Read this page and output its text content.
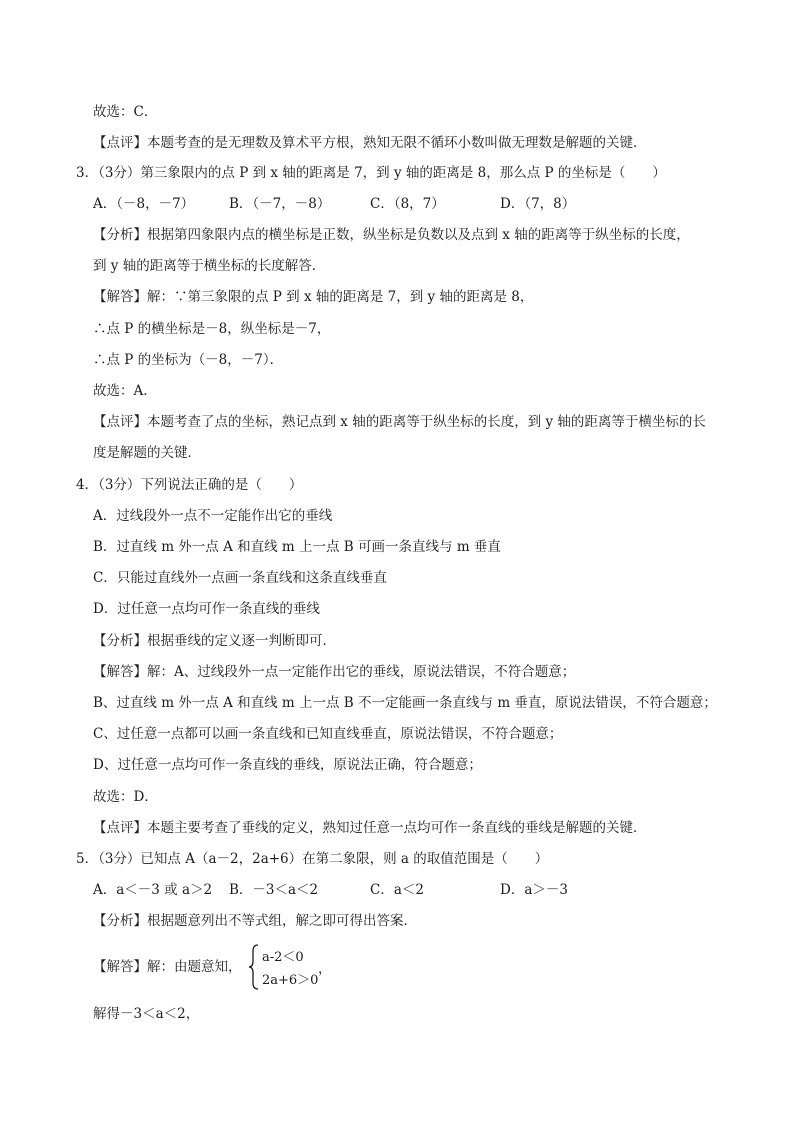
故选：C．
【点评】本题考查的是无理数及算术平方根，熟知无限不循环小数叫做无理数是解题的关键．
3．（3分）第三象限内的点 P 到 x 轴的距离是 7，到 y 轴的距离是 8，那么点 P 的坐标是（　　）
A．（－8，－7）	B．（－7，－8）	C．（8，7）	D．（7，8）
【分析】根据第四象限内点的横坐标是正数，纵坐标是负数以及点到 x 轴的距离等于纵坐标的长度，
到 y 轴的距离等于横坐标的长度解答．
【解答】解：∵第三象限的点 P 到 x 轴的距离是 7，到 y 轴的距离是 8，
∴点 P 的横坐标是－8，纵坐标是－7，
∴点 P 的坐标为（－8，－7）．
故选：A．
【点评】本题考查了点的坐标，熟记点到 x 轴的距离等于纵坐标的长度，到 y 轴的距离等于横坐标的长
度是解题的关键．
4．（3分）下列说法正确的是（　　）
A．过线段外一点不一定能作出它的垂线
B．过直线 m 外一点 A 和直线 m 上一点 B 可画一条直线与 m 垂直
C．只能过直线外一点画一条直线和这条直线垂直
D．过任意一点均可作一条直线的垂线
【分析】根据垂线的定义逐一判断即可．
【解答】解：A、过线段外一点一定能作出它的垂线，原说法错误，不符合题意；
B、过直线 m 外一点 A 和直线 m 上一点 B 不一定能画一条直线与 m 垂直，原说法错误，不符合题意；
C、过任意一点都可以画一条直线和已知直线垂直，原说法错误，不符合题意；
D、过任意一点均可作一条直线的垂线，原说法正确，符合题意；
故选：D．
【点评】本题主要考查了垂线的定义，熟知过任意一点均可作一条直线的垂线是解题的关键．
5．（3分）已知点 A（a－2，2a+6）在第二象限，则 a 的取值范围是（　　）
A．a＜－3 或 a＞2 B．－3＜a＜2	C．a＜2	D．a＞－3
【分析】根据题意列出不等式组，解之即可得出答案．
【解答】解：由题意知，
a-2＜0
2a+6＞0
，
解得－3＜a＜2，
